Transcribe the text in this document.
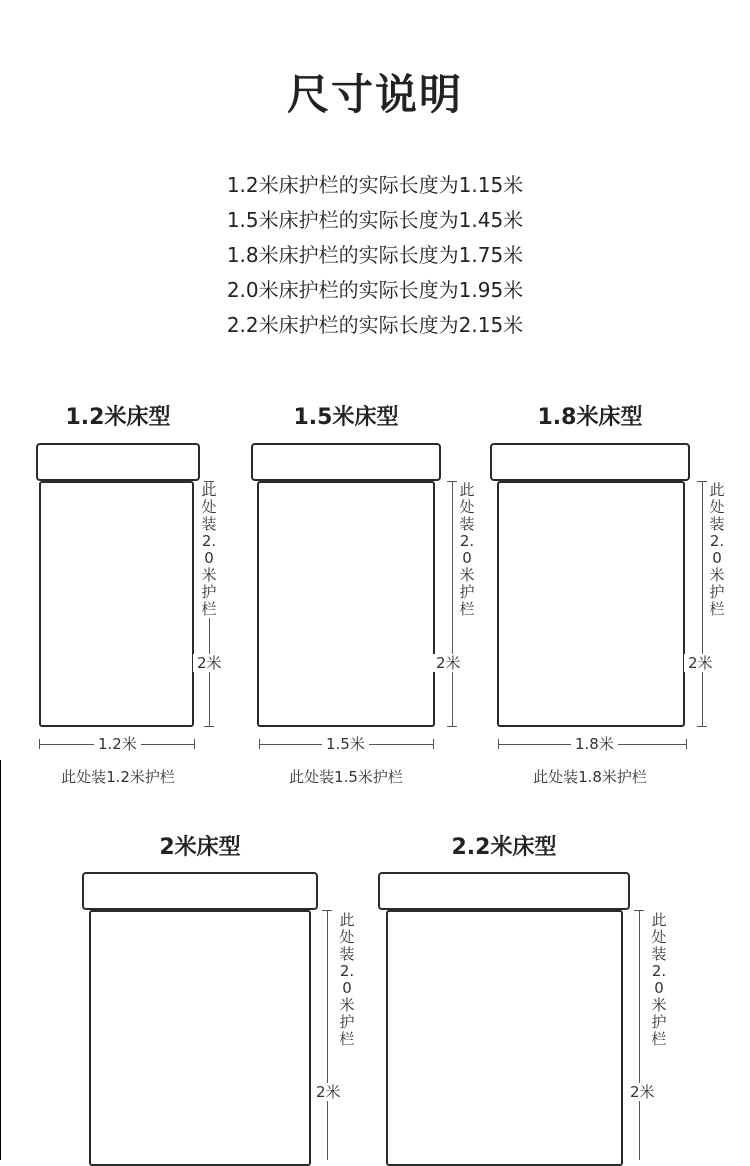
尺寸说明
1.2米床护栏的实际长度为1.15米
1.5米床护栏的实际长度为1.45米
1.8米床护栏的实际长度为1.75米
2.0米床护栏的实际长度为1.95米
2.2米床护栏的实际长度为2.15米
1.2米床型
此处装2.0米护栏
2米
1.2米
此处装1.2米护栏
1.5米床型
此处装2.0米护栏
2米
1.5米
此处装1.5米护栏
1.8米床型
此处装2.0米护栏
2米
1.8米
此处装1.8米护栏
2米床型
此处装2.0米护栏
2米
2.2米床型
此处装2.0米护栏
2米
